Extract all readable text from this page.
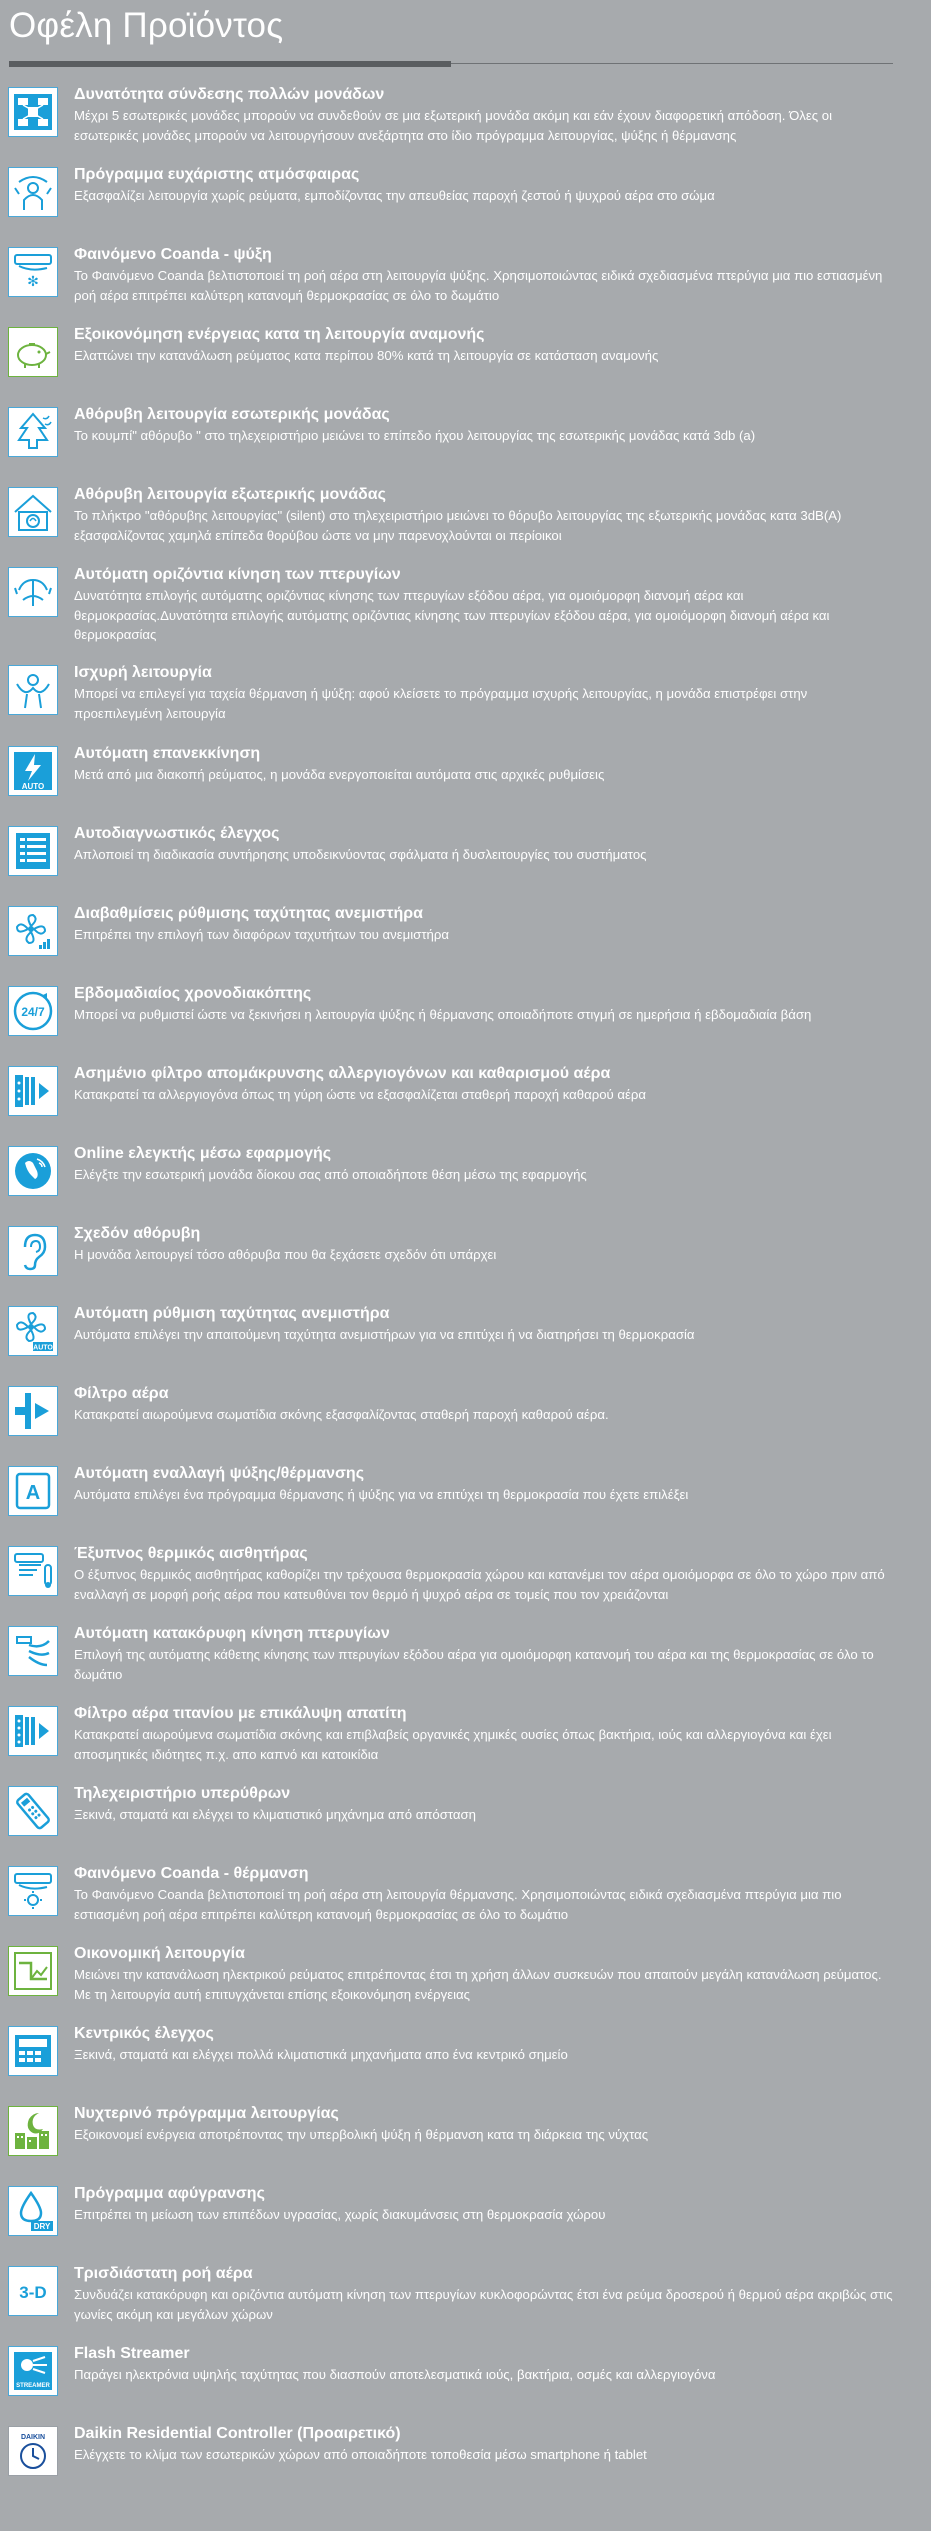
Οφέλη Προϊόντος
Δυνατότητα σύνδεσης πολλών μονάδων
Μέχρι 5 εσωτερικές μονάδες μπορούν να συνδεθούν σε μια εξωτερική μονάδα ακόμη και εάν έχουν διαφορετική απόδοση. Όλες οι εσωτερικές μονάδες μπορούν να λειτουργήσουν ανεξάρτητα στο ίδιο πρόγραμμα λειτουργίας, ψύξης ή θέρμανσης
Πρόγραμμα ευχάριστης ατμόσφαιρας
Εξασφαλίζει λειτουργία χωρίς ρεύματα, εμποδίζοντας την απευθείας παροχή ζεστού ή ψυχρού αέρα στο σώμα
✻
Φαινόμενο Coanda - ψύξη
Το Φαινόμενο Coanda βελτιστοποιεί τη ροή αέρα στη λειτουργία ψύξης. Χρησιμοποιώντας ειδικά σχεδιασμένα πτερύγια μια πιο εστιασμένη ροή αέρα επιτρέπει καλύτερη κατανομή θερμοκρασίας σε όλο το δωμάτιο
Εξοικονόμηση ενέργειας κατα τη λειτουργία αναμονής
Ελαττώνει την κατανάλωση ρεύματος κατα περίπου 80% κατά τη λειτουργία σε κατάσταση αναμονής
Αθόρυβη λειτουργία εσωτερικής μονάδας
Το κουμπί" αθόρυβο " στο τηλεχειριστήριο μειώνει το επίπεδο ήχου λειτουργίας της εσωτερικής μονάδας κατά 3db (a)
Αθόρυβη λειτουργία εξωτερικής μονάδας
Το πλήκτρο "αθόρυβης λειτουργίας" (silent) στο τηλεχειριστήριο μειώνει το θόρυβο λειτουργίας της εξωτερικής μονάδας κατα 3dB(A) εξασφαλίζοντας χαμηλά επίπεδα θορύβου ώστε να μην παρενοχλούνται οι περίοικοι
Αυτόματη οριζόντια κίνηση των πτερυγίων
Δυνατότητα επιλογής αυτόματης οριζόντιας κίνησης των πτερυγίων εξόδου αέρα, για ομοιόμορφη διανομή αέρα και θερμοκρασίας.Δυνατότητα επιλογής αυτόματης οριζόντιας κίνησης των πτερυγίων εξόδου αέρα, για ομοιόμορφη διανομή αέρα και θερμοκρασίας
Ισχυρή λειτουργία
Μπορεί να επιλεγεί για ταχεία θέρμανση ή ψύξη: αφού κλείσετε το πρόγραμμα ισχυρής λειτουργίας, η μονάδα επιστρέφει στην προεπιλεγμένη λειτουργία
AUTO
Αυτόματη επανεκκίνηση
Μετά από μια διακοπή ρεύματος, η μονάδα ενεργοποιείται αυτόματα στις αρχικές ρυθμίσεις
Αυτοδιαγνωστικός έλεγχος
Απλοποιεί τη διαδικασία συντήρησης υποδεικνύοντας σφάλματα ή δυσλειτουργίες του συστήματος
Διαβαθμίσεις ρύθμισης ταχύτητας ανεμιστήρα
Επιτρέπει την επιλογή των διαφόρων ταχυτήτων του ανεμιστήρα
24/7
Εβδομαδιαίος χρονοδιακόπτης
Μπορεί να ρυθμιστεί ώστε να ξεκινήσει η λειτουργία ψύξης ή θέρμανσης οποιαδήποτε στιγμή σε ημερήσια ή εβδομαδιαία βάση
Ασημένιο φίλτρο απομάκρυνσης αλλεργιογόνων και καθαρισμού αέρα
Κατακρατεί τα αλλεργιογόνα όπως τη γύρη ώστε να εξασφαλίζεται σταθερή παροχή καθαρού αέρα
Online ελεγκτής μέσω εφαρμογής
Ελέγξτε την εσωτερική μονάδα δίοκου σας από οποιαδήποτε θέση μέσω της εφαρμογής
Σχεδόν αθόρυβη
Η μονάδα λειτουργεί τόσο αθόρυβα που θα ξεχάσετε σχεδόν ότι υπάρχει
AUTO
Αυτόματη ρύθμιση ταχύτητας ανεμιστήρα
Αυτόματα επιλέγει την απαιτούμενη ταχύτητα ανεμιστήρων για να επιτύχει ή να διατηρήσει τη θερμοκρασία
Φίλτρο αέρα
Κατακρατεί αιωρούμενα σωματίδια σκόνης εξασφαλίζοντας σταθερή παροχή καθαρού αέρα.
A
Αυτόματη εναλλαγή ψύξης/θέρμανσης
Αυτόματα επιλέγει ένα πρόγραμμα θέρμανσης ή ψύξης για να επιτύχει τη θερμοκρασία που έχετε επιλέξει
Έξυπνος θερμικός αισθητήρας
Ο έξυπνος θερμικός αισθητήρας καθορίζει την τρέχουσα θερμοκρασία χώρου και κατανέμει τον αέρα ομοιόμορφα σε όλο το χώρο πριν από εναλλαγή σε μορφή ροής αέρα που κατευθύνει τον θερμό ή ψυχρό αέρα σε τομείς που τον χρειάζονται
Αυτόματη κατακόρυφη κίνηση πτερυγίων
Επιλογή της αυτόματης κάθετης κίνησης των πτερυγίων εξόδου αέρα για ομοιόμορφη κατανομή του αέρα και της θερμοκρασίας σε όλο το δωμάτιο
Φίλτρο αέρα τιτανίου με επικάλυψη απατίτη
Κατακρατεί αιωρούμενα σωματίδια σκόνης και επιβλαβείς οργανικές χημικές ουσίες όπως βακτήρια, ιούς και αλλεργιογόνα και έχει αποσμητικές ιδιότητες π.χ. απο καπνό και κατοικίδια
Τηλεχειριστήριο υπερύθρων
Ξεκινά, σταματά και ελέγχει το κλιματιστικό μηχάνημα από απόσταση
Φαινόμενο Coanda - θέρμανση
Το Φαινόμενο Coanda βελτιστοποιεί τη ροή αέρα στη λειτουργία θέρμανσης. Χρησιμοποιώντας ειδικά σχεδιασμένα πτερύγια μια πιο εστιασμένη ροή αέρα επιτρέπει καλύτερη κατανομή θερμοκρασίας σε όλο το δωμάτιο
Οικονομική λειτουργία
Μειώνει την κατανάλωση ηλεκτρικού ρεύματος επιτρέποντας έτσι τη χρήση άλλων συσκευών που απαιτούν μεγάλη κατανάλωση ρεύματος. Με τη λειτουργία αυτή επιτυγχάνεται επίσης εξοικονόμηση ενέργειας
Κεντρικός έλεγχος
Ξεκινά, σταματά και ελέγχει πολλά κλιματιστικά μηχανήματα απο ένα κεντρικό σημείο
Νυχτερινό πρόγραμμα λειτουργίας
Εξοικονομεί ενέργεια αποτρέποντας την υπερβολική ψύξη ή θέρμανση κατα τη διάρκεια της νύχτας
DRY
Πρόγραμμα αφύγρανσης
Επιτρέπει τη μείωση των επιπέδων υγρασίας, χωρίς διακυμάνσεις στη θερμοκρασία χώρου
3-D
Τρισδιάστατη ροή αέρα
Συνδυάζει κατακόρυφη και οριζόντια αυτόματη κίνηση των πτερυγίων κυκλοφορώντας έτσι ένα ρεύμα δροσερού ή θερμού αέρα ακριβώς στις γωνίες ακόμη και μεγάλων χώρων
STREAMER
Flash Streamer
Παράγει ηλεκτρόνια υψηλής ταχύτητας που διασπούν αποτελεσματικά ιούς, βακτήρια, οσμές και αλλεργιογόνα
DAIKIN Daikin Residential Controller (Προαιρετικό)
Ελέγχετε το κλίμα των εσωτερικών χώρων από οποιαδήποτε τοποθεσία μέσω smartphone ή tablet
